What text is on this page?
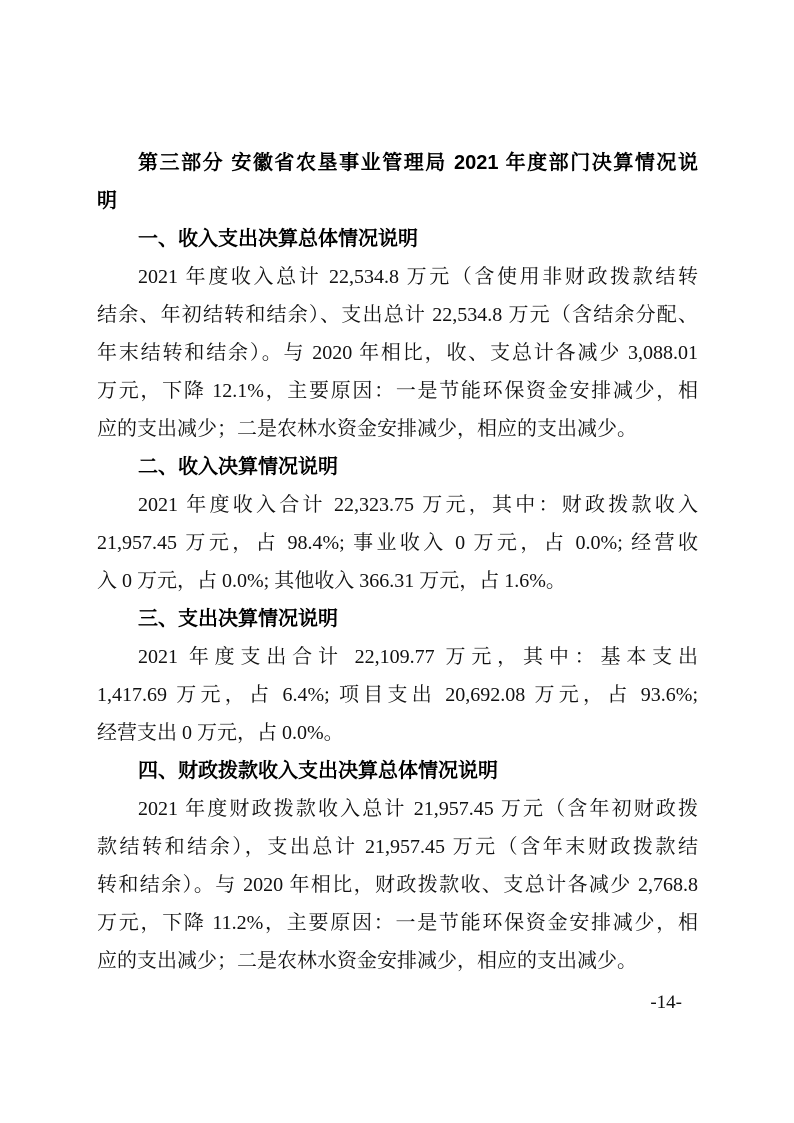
第三部分 安徽省农垦事业管理局 2021 年度部门决算情况说
明
一、收入支出决算总体情况说明
2021 年度收入总计 22,534.8 万元（含使用非财政拨款结转
结余、年初结转和结余）、支出总计 22,534.8 万元（含结余分配、
年末结转和结余）。与 2020 年相比，收、支总计各减少 3,088.01
万元，下降 12.1%，主要原因：一是节能环保资金安排减少，相
应的支出减少；二是农林水资金安排减少，相应的支出减少。
二、收入决算情况说明
2021 年度收入合计 22,323.75 万元，其中：财政拨款收入
21,957.45 万元，占 98.4%; 事业收入 0 万元，占 0.0%; 经营收
入 0 万元，占 0.0%; 其他收入 366.31 万元，占 1.6%。
三、支出决算情况说明
2021 年度支出合计 22,109.77 万元，其中：基本支出
1,417.69 万元，占 6.4%; 项目支出 20,692.08 万元，占 93.6%;
经营支出 0 万元，占 0.0%。
四、财政拨款收入支出决算总体情况说明
2021 年度财政拨款收入总计 21,957.45 万元（含年初财政拨
款结转和结余），支出总计 21,957.45 万元（含年末财政拨款结
转和结余）。与 2020 年相比，财政拨款收、支总计各减少 2,768.8
万元，下降 11.2%，主要原因：一是节能环保资金安排减少，相
应的支出减少；二是农林水资金安排减少，相应的支出减少。
-14-
